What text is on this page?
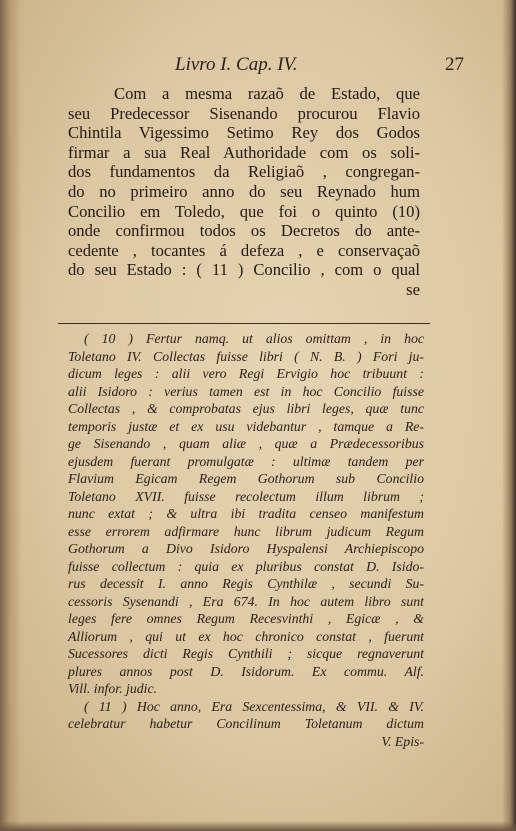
Livro I. Cap. IV.	27
Com a mesma razaõ de Estado, que
seu Predecessor Sisenando procurou Flavio
Chintila Vigessimo Setimo Rey dos Godos
firmar a sua Real Authoridade com os soli-
dos fundamentos da Religiaõ , congregan-
do no primeiro anno do seu Reynado hum
Concilio em Toledo, que foi o quinto (10)
onde confirmou todos os Decretos do ante-
cedente , tocantes á defeza , e conservaçaõ
do seu Estado : ( 11 ) Concilio , com o qual
se
( 10 ) Fertur namq. ut alios omittam , in hoc
Toletano IV. Collectas fuisse libri ( N. B. ) Fori ju-
dicum leges : alii vero Regi Ervigio hoc tribuunt :
alii Isidoro : verius tamen est in hoc Concilio fuisse
Collectas , & comprobatas ejus libri leges, quæ tunc
temporis justæ et ex usu videbantur , tamque a Re-
ge Sisenando , quam aliæ , quæ a Prædecessoribus
ejusdem fuerant promulgatæ : ultimæ tandem per
Flavium Egicam Regem Gothorum sub Concilio
Toletano XVII. fuisse recolectum illum librum ;
nunc extat ; & ultra ibi tradita censeo manifestum
esse errorem adfirmare hunc librum judicum Regum
Gothorum a Divo Isidoro Hyspalensi Archiepiscopo
fuisse collectum : quia ex pluribus constat D. Isido-
rus decessit I. anno Regis Cynthilæ , secundi Su-
cessoris Sysenandi , Era 674. In hoc autem libro sunt
leges fere omnes Regum Recesvinthi , Egicæ , &
Alliorum , qui ut ex hoc chronico constat , fuerunt
Sucessores dicti Regis Cynthili ; sicque regnaverunt
plures annos post D. Isidorum. Ex commu. Alf.
Vill. infor. judic.
( 11 ) Hoc anno, Era Sexcentessima, & VII. & IV.
celebratur habetur Concilinum Toletanum dictum
V. Epis-
